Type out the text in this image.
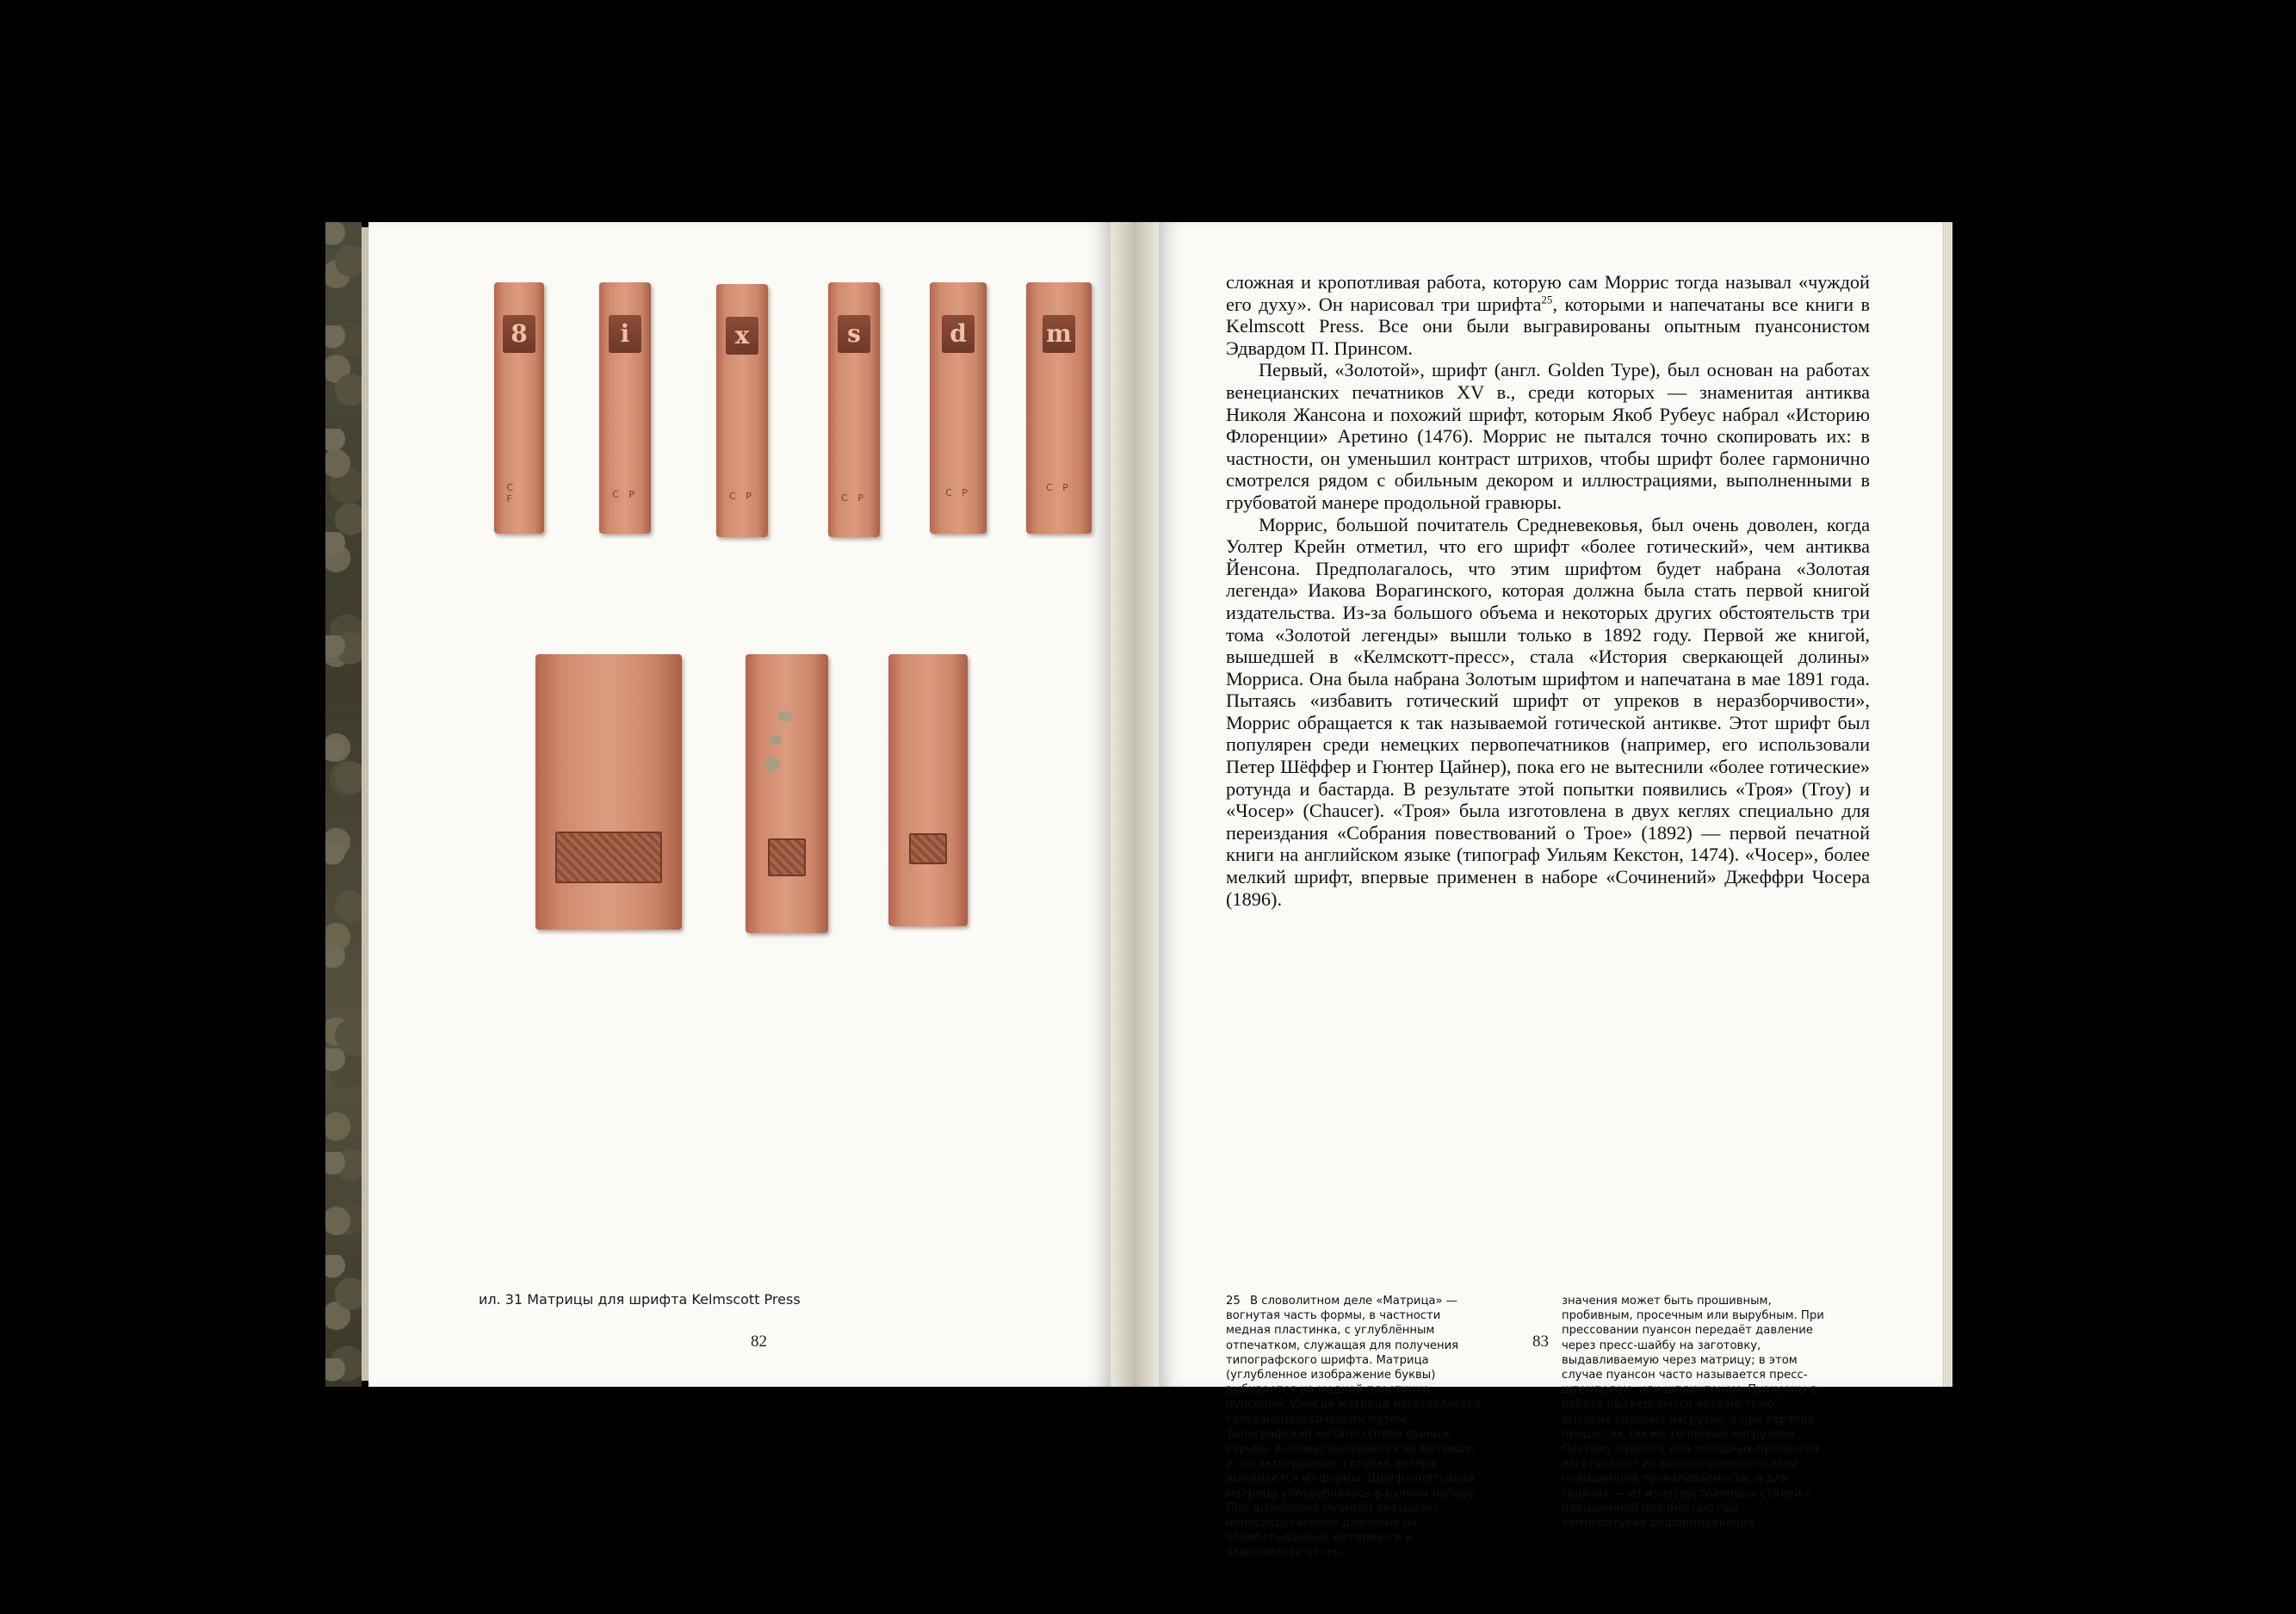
8
C F
i
C P
x
C P
s
C P
d
C P
m
C P
ил. 31 Матрицы для шрифта Kelmscott Press
82

сложная и кропотливая работа, которую сам Моррис тогда называл «чуждой его духу». Он нарисовал три шрифта$^{25}$, которыми и напечатаны все книги в Kelmscott Press. Все они были выгравированы опытным пуансонистом Эдвардом П. Принсом.

Первый, «Золотой», шрифт (англ. Golden Type), был основан на работах венецианских печатников XV в., среди которых — знаменитая антиква Николя Жансона и похожий шрифт, которым Якоб Рубеус набрал «Историю Флоренции» Аретино (1476). Моррис не пытался точно скопировать их: в частности, он уменьшил контраст штрихов, чтобы шрифт более гармонично смотрелся рядом с обильным декором и иллюстрациями, выполненными в грубоватой манере продольной гравюры.

Моррис, большой почитатель Средневековья, был очень доволен, когда Уолтер Крейн отметил, что его шрифт «более готический», чем антиква Йенсона. Предполагалось, что этим шрифтом будет набрана «Золотая легенда» Иакова Ворагинского, которая должна была стать первой книгой издательства. Из-за большого объема и некоторых других обстоятельств три тома «Золотой легенды» вышли только в 1892 году. Первой же книгой, вышедшей в «Келмскотт-пресс», стала «История сверкающей долины» Морриса. Она была набрана Золотым шрифтом и напечатана в мае 1891 года. Пытаясь «избавить готический шрифт от упреков в неразборчивости», Моррис обращается к так называемой готической антикве. Этот шрифт был популярен среди немецких первопечатников (например, его использовали Петер Шёффер и Гюнтер Цайнер), пока его не вытеснили «более готические» ротунда и бастарда. В результате этой попытки появились «Троя» (Troy) и «Чосер» (Chaucer). «Троя» была изготовлена в двух кеглях специально для переиздания «Собрания повествований о Трое» (1892) — первой печатной книги на английском языке (типограф Уильям Кекстон, 1474). «Чосер», более мелкий шрифт, впервые применен в наборе «Сочинений» Джеффри Чосера (1896).

25 В словолитном деле «Матрица» — вогнутая часть формы, в частности медная пластинка, с углублённым отпечатком, служащая для получения типографского шрифта. Матрица (углубленное изображение буквы) выбивается на медной пластинке пунсоном. Иногда матрица изготовляется гальванопластическим путем. Типографский металл (сплав свинца, сурьмы и олова) выливается на матрице, и, по затвердении, готовая литера вынимается из формы. Шрифтолитейная матрица употреблялась в ручном наборе. При штамповке пуансон оказывает непосредственное давление на обрабатываемый материал и в зависимости от на-

значения может быть прошивным, пробивным, просечным или вырубным. При прессовании пуансон передаёт давление через пресс-шайбу на заготовку, выдавливаемую через матрицу; в этом случае пуансон часто называется пресс-штемпелем, или шплинтоном. Пуансоны в работе подвергаются воздействию высоких силовых нагрузок, а при горячих процессах также тепловым нагрузкам. Поэтому пуансон для холодных процессов изготовляют из высокопрочных сталей повышенной прокаливаемости, а для горячих — из износоустойчивых сталей с повышенной прочностью при температурах деформирования.

83
